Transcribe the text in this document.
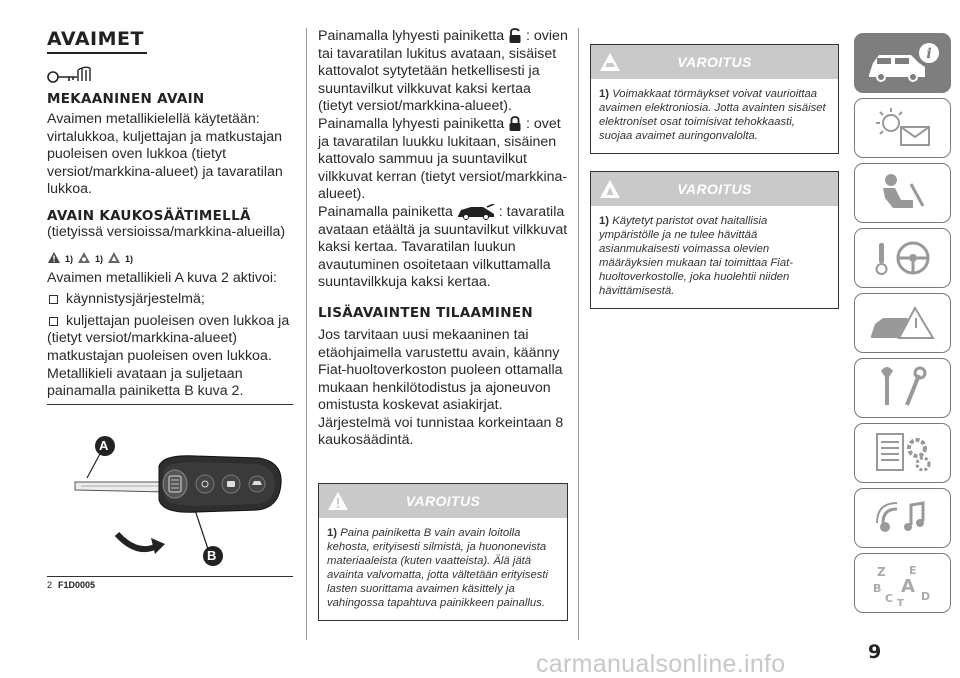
AVAIMET
MEKAANINEN AVAIN
Avaimen metallikielellä käytetään: virtalukkoa, kuljettajan ja matkustajan puoleisen oven lukkoa (tietyt versiot/markkina-alueet) ja tavaratilan lukkoa.
AVAIN KAUKOSÄÄTIMELLÄ
(tietyissä versioissa/markkina-alueilla)
1) 1) 1)
Avaimen metallikieli A kuva 2 aktivoi:
käynnistysjärjestelmä;
kuljettajan puoleisen oven lukkoa ja
(tietyt versiot/markkina-alueet) matkustajan puoleisen oven lukkoa. Metallikieli avataan ja suljetaan painamalla painiketta B kuva 2.
A
B
2 F1D0005
Painamalla lyhyesti painiketta : ovien tai tavaratilan lukitus avataan, sisäiset kattovalot sytytetään hetkellisesti ja suuntavilkut vilkkuvat kaksi kertaa (tietyt versiot/markkina-alueet).
Painamalla lyhyesti painiketta : ovet ja tavaratilan luukku lukitaan, sisäinen kattovalo sammuu ja suuntavilkut vilkkuvat kerran (tietyt versiot/markkina-alueet).
Painamalla painiketta	: tavaratila avataan etäältä ja suuntavilkut vilkkuvat kaksi kertaa. Tavaratilan luukun avautuminen osoitetaan vilkuttamalla suuntavilkkuja kaksi kertaa.
LISÄAVAINTEN TILAAMINEN
Jos tarvitaan uusi mekaaninen tai etäohjaimella varustettu avain, käänny Fiat-huoltoverkoston puoleen ottamalla mukaan henkilötodistus ja ajoneuvon omistusta koskevat asiakirjat.
Järjestelmä voi tunnistaa korkeintaan 8 kaukosäädintä.
VAROITUS
1) Paina painiketta B vain avain loitolla kehosta, erityisesti silmistä, ja huononevista materiaaleista (kuten vaatteista). Älä jätä avainta valvomatta, jotta vältetään erityisesti lasten suorittama avaimen käsittely ja vahingossa tapahtuva painikkeen painallus.
VAROITUS
1) Voimakkaat törmäykset voivat vaurioittaa avaimen elektroniosia. Jotta avainten sisäiset elektroniset osat toimisivat tehokkaasti, suojaa avaimet auringonvalolta.
VAROITUS
1) Käytetyt paristot ovat haitallisia ympäristölle ja ne tulee hävittää asianmukaisesti voimassa olevien määräyksien mukaan tai toimittaa Fiat-huoltoverkostolle, joka huolehtii niiden hävittämisestä.
i
Z E
B A
C	D
T
9
carmanualsonline.info
